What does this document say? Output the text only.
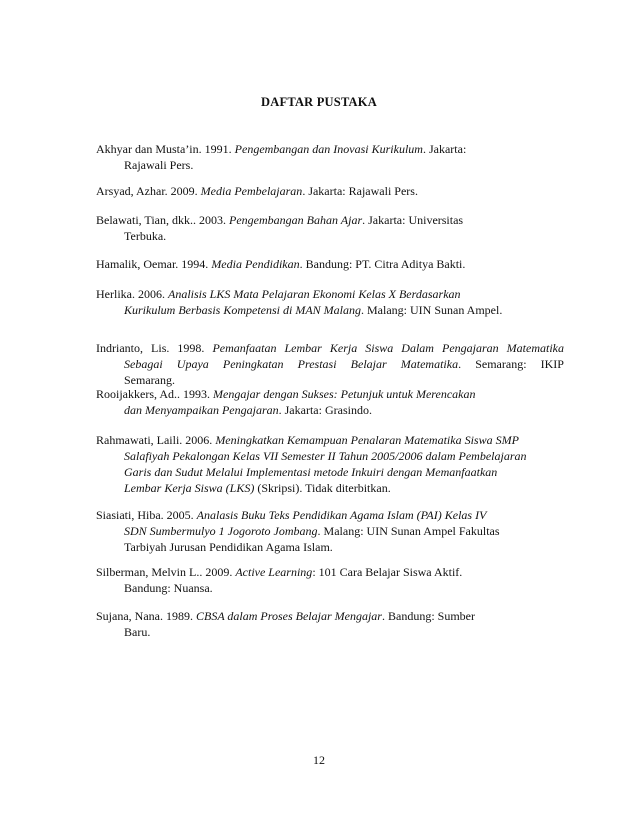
DAFTAR PUSTAKA
Akhyar dan Musta’in. 1991. Pengembangan dan Inovasi Kurikulum. Jakarta:
Rajawali Pers.
Arsyad, Azhar. 2009. Media Pembelajaran. Jakarta: Rajawali Pers.
Belawati, Tian, dkk.. 2003. Pengembangan Bahan Ajar. Jakarta: Universitas
Terbuka.
Hamalik, Oemar. 1994. Media Pendidikan. Bandung: PT. Citra Aditya Bakti.
Herlika. 2006. Analisis LKS Mata Pelajaran Ekonomi Kelas X Berdasarkan
Kurikulum Berbasis Kompetensi di MAN Malang. Malang: UIN Sunan Ampel.
Indrianto, Lis. 1998. Pemanfaatan Lembar Kerja Siswa Dalam Pengajaran Matematika
Sebagai Upaya Peningkatan Prestasi Belajar Matematika. Semarang: IKIP
Semarang.
Rooijakkers, Ad.. 1993. Mengajar dengan Sukses: Petunjuk untuk Merencakan
dan Menyampaikan Pengajaran. Jakarta: Grasindo.
Rahmawati, Laili. 2006. Meningkatkan Kemampuan Penalaran Matematika Siswa SMP
Salafiyah Pekalongan Kelas VII Semester II Tahun 2005/2006 dalam Pembelajaran
Garis dan Sudut Melalui Implementasi metode Inkuiri dengan Memanfaatkan
Lembar Kerja Siswa (LKS) (Skripsi). Tidak diterbitkan.
Siasiati, Hiba. 2005. Analasis Buku Teks Pendidikan Agama Islam (PAI) Kelas IV
SDN Sumbermulyo 1 Jogoroto Jombang. Malang: UIN Sunan Ampel Fakultas
Tarbiyah Jurusan Pendidikan Agama Islam.
Silberman, Melvin L.. 2009. Active Learning: 101 Cara Belajar Siswa Aktif.
Bandung: Nuansa.
Sujana, Nana. 1989. CBSA dalam Proses Belajar Mengajar. Bandung: Sumber
Baru.
12
